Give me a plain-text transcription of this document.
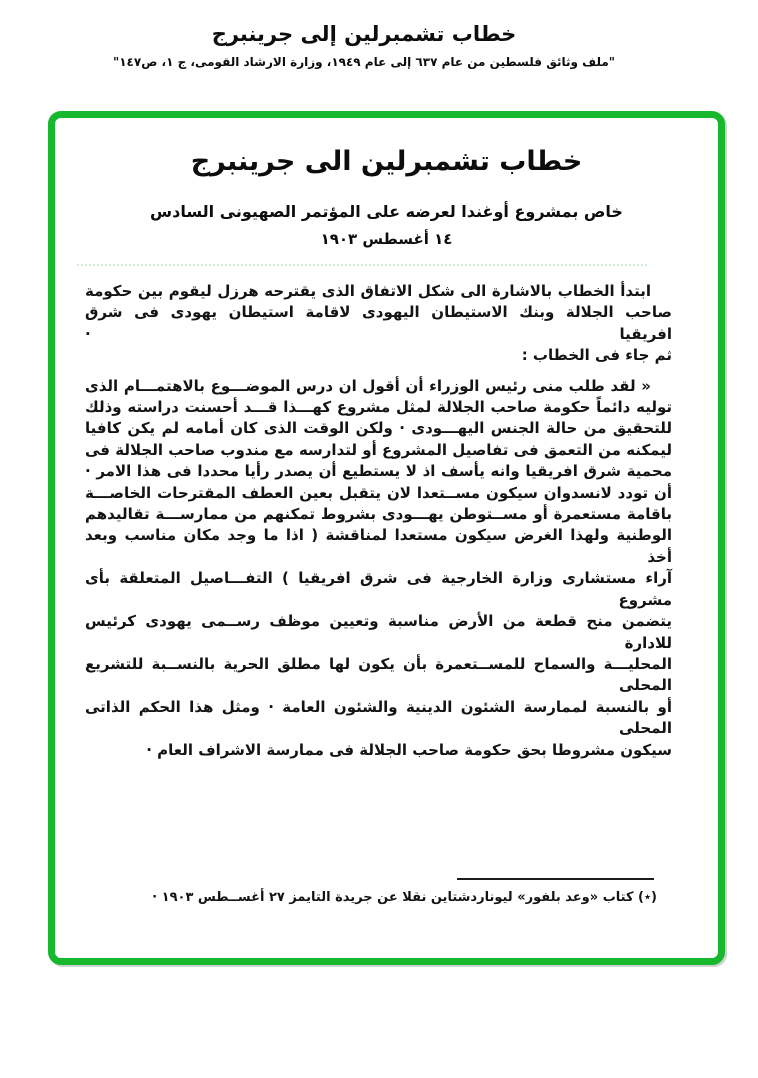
خطاب تشمبرلين إلى جرينبرج
"ملف وثائق فلسطين من عام ٦٣٧ إلى عام ١٩٤٩، وزارة الارشاد القومى، ج ١، ص١٤٧"
خطاب تشمبرلين الى جرينبرج
خاص بمشروع أوغندا لعرضه على المؤتمر الصهيونى السادس
١٤ أغسطس ١٩٠٣
ابتدأ الخطاب بالاشارة الى شكل الاتفاق الذى يقترحه هرزل ليقوم بين حكومة
صاحب الجلالة وبنك الاستيطان اليهودى لاقامة استيطان يهودى فى شرق افريقيا ·
ثم جاء فى الخطاب :
« لقد طلب منى رئيس الوزراء أن أقول ان درس الموضـــوع بالاهتمـــام الذى
توليه دائماً حكومة صاحب الجلالة لمثل مشروع كهـــذا قـــد أحسنت دراسته وذلك
للتحقيق من حالة الجنس اليهـــودى · ولكن الوقت الذى كان أمامه لم يكن كافيا
ليمكنه من التعمق فى تفاصيل المشروع أو لتدارسه مع مندوب صاحب الجلالة فى
محمية شرق افريقيا وانه يأسف اذ لا يستطيع أن يصدر رأيا محددا فى هذا الامر ·
أن تودد لانسدوان سيكون مســتعدا لان يتقبل بعين العطف المقترحات الخاصـــة
باقامة مستعمرة أو مســتوطن يهـــودى بشروط تمكنهم من ممارســـة تقاليدهم
الوطنية ولهذا الغرض سيكون مستعدا لمناقشة ( اذا ما وجد مكان مناسب وبعد أخذ
آراء مستشارى وزارة الخارجية فى شرق افريقيا ) التفـــاصيل المتعلقة بأى مشروع
يتضمن منح قطعة من الأرض مناسبة وتعيين موظف رســمى يهودى كرئيس للادارة
المحليـــة والسماح للمســتعمرة بأن يكون لها مطلق الحرية بالنســبة للتشريع المحلى
أو بالنسبة لممارسة الشئون الدينية والشئون العامة · ومثل هذا الحكم الذاتى المحلى
سيكون مشروطا بحق حكومة صاحب الجلالة فى ممارسة الاشراف العام ·
(٭) كتاب «وعد بلفور» ليوناردشتاين نقلا عن جريدة التايمز ٢٧ أغســطس ١٩٠٣ ·
